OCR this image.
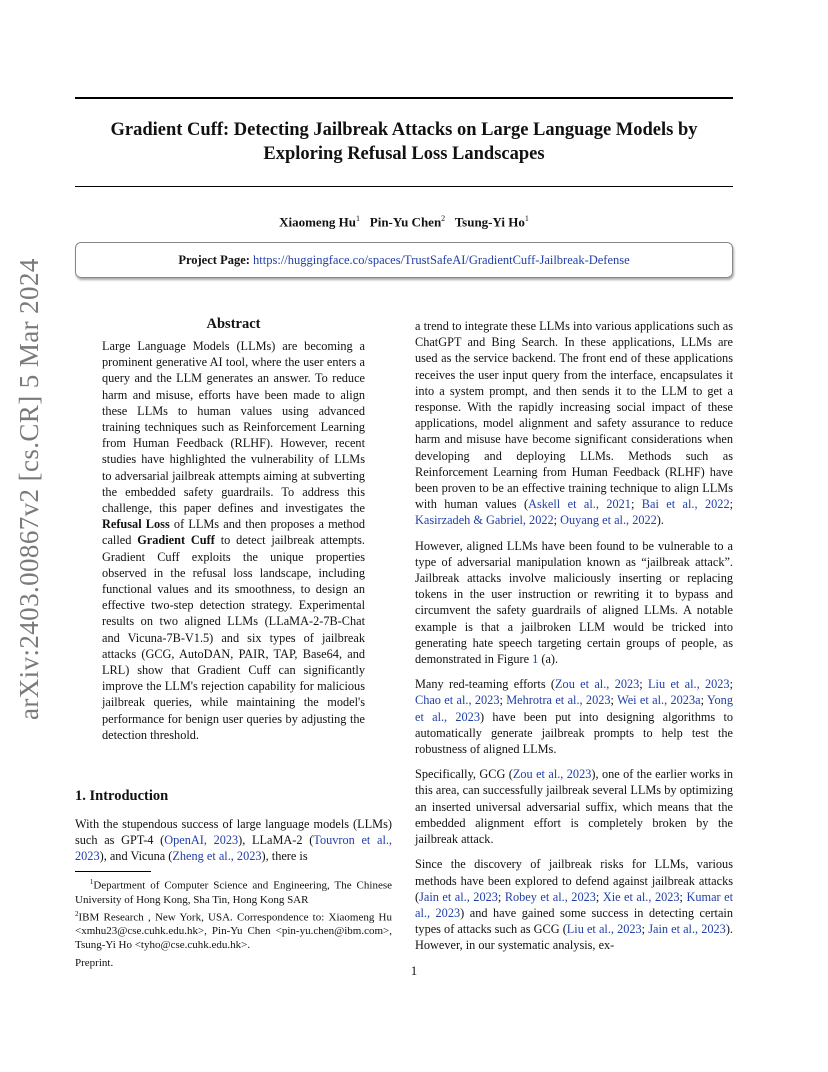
Gradient Cuff: Detecting Jailbreak Attacks on Large Language Models by
Exploring Refusal Loss Landscapes
Xiaomeng Hu$^1$ Pin-Yu Chen$^2$ Tsung-Yi Ho$^1$
Project Page: https://huggingface.co/spaces/TrustSafeAI/GradientCuff-Jailbreak-Defense
arXiv:2403.00867v2 [cs.CR] 5 Mar 2024	Abstract
Large Language Models (LLMs) are becoming a prominent generative AI tool, where the user enters a query and the LLM generates an answer. To reduce harm and misuse, efforts have been made to align these LLMs to human values using advanced training techniques such as Reinforcement Learning from Human Feedback (RLHF). However, recent studies have highlighted the vulnerability of LLMs to adversarial jailbreak attempts aiming at subverting the embedded safety guardrails. To address this challenge, this paper defines and investigates the Refusal Loss of LLMs and then proposes a method called Gradient Cuff to detect jailbreak attempts. Gradient Cuff exploits the unique properties observed in the refusal loss landscape, including functional values and its smoothness, to design an effective two-step detection strategy. Experimental results on two aligned LLMs (LLaMA-2-7B-Chat and Vicuna-7B-V1.5) and six types of jailbreak attacks (GCG, AutoDAN, PAIR, TAP, Base64, and LRL) show that Gradient Cuff can significantly improve the LLM's rejection capability for malicious jailbreak queries, while maintaining the model's performance for benign user queries by adjusting the detection threshold.
1. Introduction
With the stupendous success of large language models (LLMs) such as GPT-4 (OpenAI, 2023), LLaMA-2 (Touvron et al., 2023), and Vicuna (Zheng et al., 2023), there is
$^1$Department of Computer Science and Engineering, The Chinese University of Hong Kong, Sha Tin, Hong Kong SAR
$^2$IBM Research , New York, USA. Correspondence to: Xiaomeng Hu <xmhu23@cse.cuhk.edu.hk>, Pin-Yu Chen <pin-yu.chen@ibm.com>, Tsung-Yi Ho <tyho@cse.cuhk.edu.hk>.
Preprint.

a trend to integrate these LLMs into various applications such as ChatGPT and Bing Search. In these applications, LLMs are used as the service backend. The front end of these applications receives the user input query from the interface, encapsulates it into a system prompt, and then sends it to the LLM to get a response. With the rapidly increasing social impact of these applications, model alignment and safety assurance to reduce harm and misuse have become significant considerations when developing and deploying LLMs. Methods such as Reinforcement Learning from Human Feedback (RLHF) have been proven to be an effective training technique to align LLMs with human values (Askell et al., 2021; Bai et al., 2022; Kasirzadeh & Gabriel, 2022; Ouyang et al., 2022).

However, aligned LLMs have been found to be vulnerable to a type of adversarial manipulation known as “jailbreak attack”. Jailbreak attacks involve maliciously inserting or replacing tokens in the user instruction or rewriting it to bypass and circumvent the safety guardrails of aligned LLMs. A notable example is that a jailbroken LLM would be tricked into generating hate speech targeting certain groups of people, as demonstrated in Figure 1 (a).

Many red-teaming efforts (Zou et al., 2023; Liu et al., 2023; Chao et al., 2023; Mehrotra et al., 2023; Wei et al., 2023a; Yong et al., 2023) have been put into designing algorithms to automatically generate jailbreak prompts to help test the robustness of aligned LLMs.

Specifically, GCG (Zou et al., 2023), one of the earlier works in this area, can successfully jailbreak several LLMs by optimizing an inserted universal adversarial suffix, which means that the embedded alignment effort is completely broken by the jailbreak attack.

Since the discovery of jailbreak risks for LLMs, various methods have been explored to defend against jailbreak attacks (Jain et al., 2023; Robey et al., 2023; Xie et al., 2023; Kumar et al., 2023) and have gained some success in detecting certain types of attacks such as GCG (Liu et al., 2023; Jain et al., 2023). However, in our systematic analysis, ex-

1
